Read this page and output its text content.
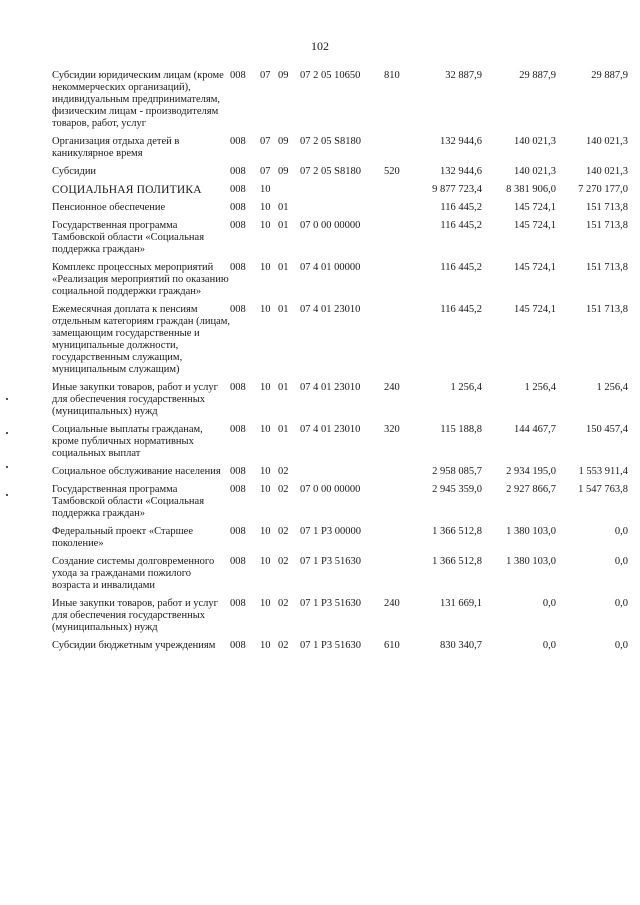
102
Субсидии юридическим лицам (кроме некоммерческих организаций), индивидуальным предпринимателям, физическим лицам - производителям товаров, работ, услуг	008	07	09	07 2 05 10650	810	32 887,9	29 887,9	29 887,9
Организация отдыха детей в каникулярное время	008	07	09	07 2 05 S8180		132 944,6	140 021,3	140 021,3
Субсидии	008	07	09	07 2 05 S8180	520	132 944,6	140 021,3	140 021,3
СОЦИАЛЬНАЯ ПОЛИТИКА	008	10				9 877 723,4	8 381 906,0	7 270 177,0
Пенсионное обеспечение	008	10	01			116 445,2	145 724,1	151 713,8
Государственная программа Тамбовской области «Социальная поддержка граждан»	008	10	01	07 0 00 00000		116 445,2	145 724,1	151 713,8
Комплекс процессных мероприятий «Реализация мероприятий по оказанию социальной поддержки граждан»	008	10	01	07 4 01 00000		116 445,2	145 724,1	151 713,8
Ежемесячная доплата к пенсиям отдельным категориям граждан (лицам, замещающим государственные и муниципальные должности, государственным служащим, муниципальным служащим)	008	10	01	07 4 01 23010		116 445,2	145 724,1	151 713,8
Иные закупки товаров, работ и услуг для обеспечения государственных (муниципальных) нужд	008	10	01	07 4 01 23010	240	1 256,4	1 256,4	1 256,4
Социальные выплаты гражданам, кроме публичных нормативных социальных выплат	008	10	01	07 4 01 23010	320	115 188,8	144 467,7	150 457,4
Социальное обслуживание населения	008	10	02			2 958 085,7	2 934 195,0	1 553 911,4
Государственная программа Тамбовской области «Социальная поддержка граждан»	008	10	02	07 0 00 00000		2 945 359,0	2 927 866,7	1 547 763,8
Федеральный проект «Старшее поколение»	008	10	02	07 1 P3 00000		1 366 512,8	1 380 103,0	0,0
Создание системы долговременного ухода за гражданами пожилого возраста и инвалидами	008	10	02	07 1 P3 51630		1 366 512,8	1 380 103,0	0,0
Иные закупки товаров, работ и услуг для обеспечения государственных (муниципальных) нужд	008	10	02	07 1 P3 51630	240	131 669,1	0,0	0,0
Субсидии бюджетным учреждениям	008	10	02	07 1 P3 51630	610	830 340,7	0,0	0,0
